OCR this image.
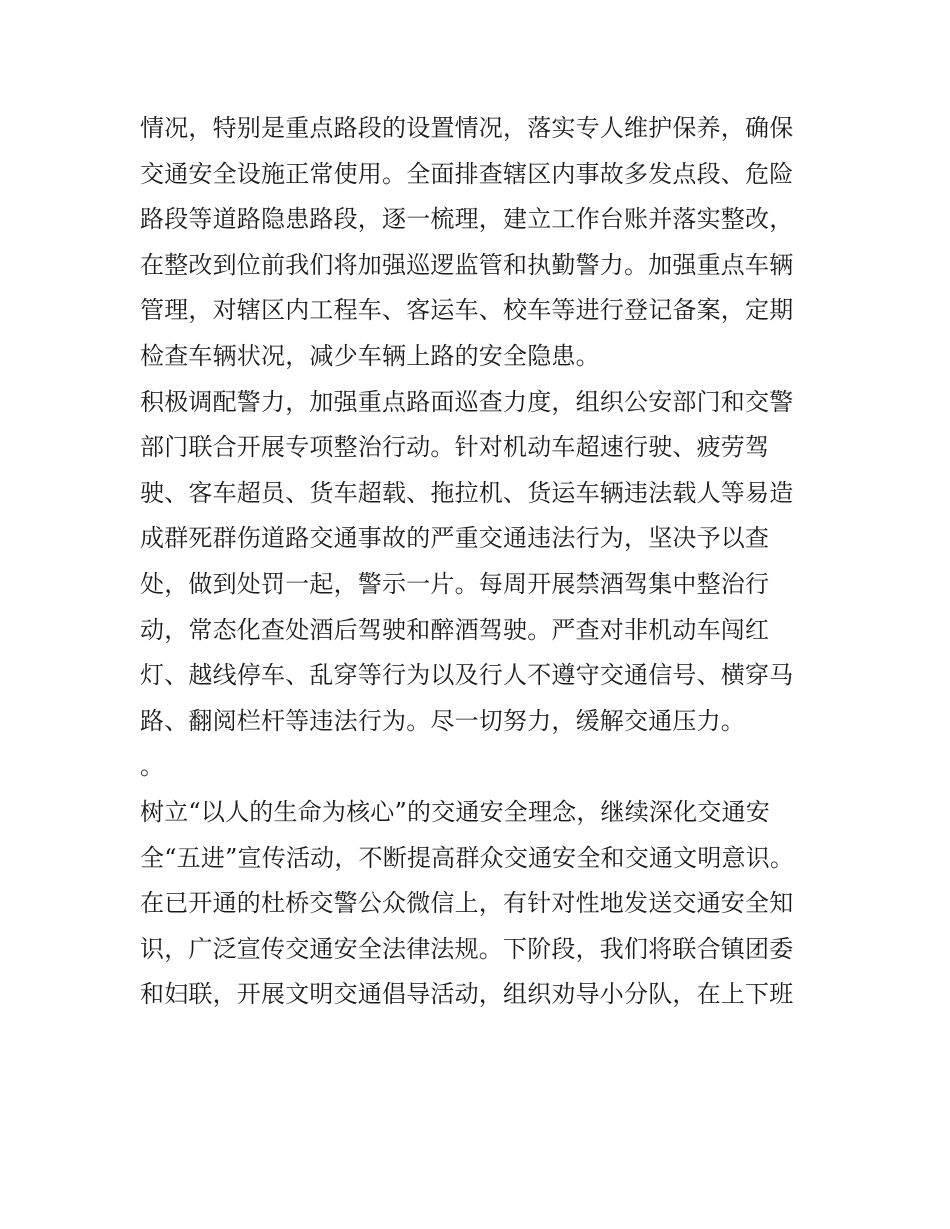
情况，特别是重点路段的设置情况，落实专人维护保养，确保
交通安全设施正常使用。全面排查辖区内事故多发点段、危险
路段等道路隐患路段，逐一梳理，建立工作台账并落实整改，
在整改到位前我们将加强巡逻监管和执勤警力。加强重点车辆
管理，对辖区内工程车、客运车、校车等进行登记备案，定期
检查车辆状况，减少车辆上路的安全隐患。
积极调配警力，加强重点路面巡查力度，组织公安部门和交警
部门联合开展专项整治行动。针对机动车超速行驶、疲劳驾
驶、客车超员、货车超载、拖拉机、货运车辆违法载人等易造
成群死群伤道路交通事故的严重交通违法行为，坚决予以查
处，做到处罚一起，警示一片。每周开展禁酒驾集中整治行
动，常态化查处酒后驾驶和醉酒驾驶。严查对非机动车闯红
灯、越线停车、乱穿等行为以及行人不遵守交通信号、横穿马
路、翻阅栏杆等违法行为。尽一切努力，缓解交通压力。
。
树立“以人的生命为核心”的交通安全理念，继续深化交通安
全“五进”宣传活动，不断提高群众交通安全和交通文明意识。
在已开通的杜桥交警公众微信上，有针对性地发送交通安全知
识，广泛宣传交通安全法律法规。下阶段，我们将联合镇团委
和妇联，开展文明交通倡导活动，组织劝导小分队，在上下班
